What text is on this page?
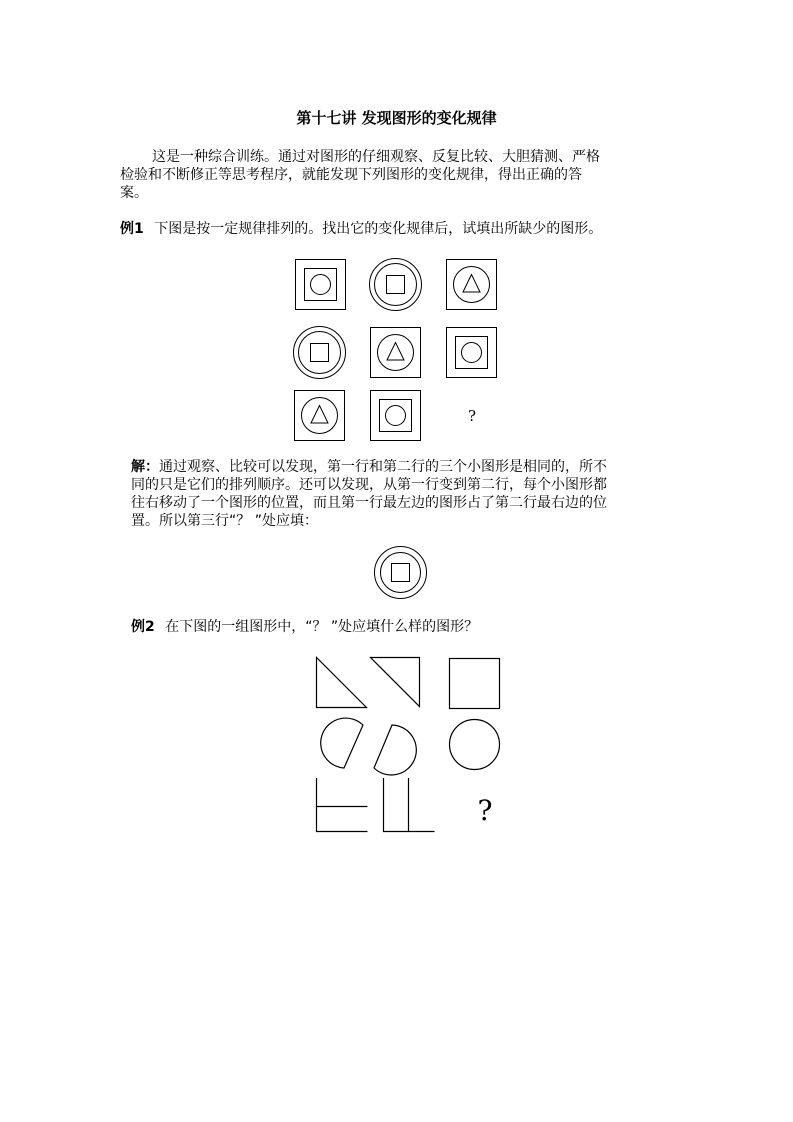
第十七讲 发现图形的变化规律
这是一种综合训练。通过对图形的仔细观察、反复比较、大胆猜测、严格
检验和不断修正等思考程序，就能发现下列图形的变化规律，得出正确的答
案。
例1 下图是按一定规律排列的。找出它的变化规律后，试填出所缺少的图形。
?
解：通过观察、比较可以发现，第一行和第二行的三个小图形是相同的，所不
同的只是它们的排列顺序。还可以发现，从第一行变到第二行，每个小图形都
往右移动了一个图形的位置，而且第一行最左边的图形占了第二行最右边的位
置。所以第三行“？ ”处应填：
例2 在下图的一组图形中，“？ ”处应填什么样的图形？
?
